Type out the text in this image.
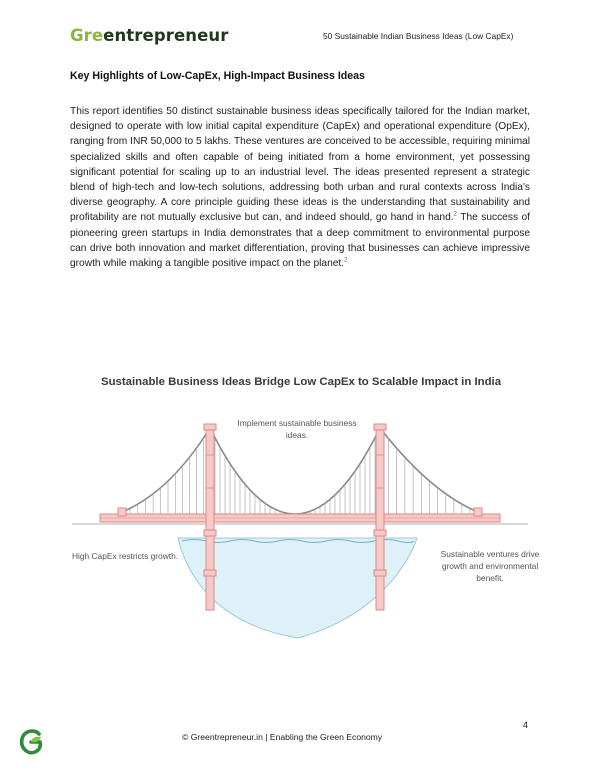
Greentrepreneur	50 Sustainable Indian Business Ideas (Low CapEx)
Key Highlights of Low-CapEx, High-Impact Business Ideas
This report identifies 50 distinct sustainable business ideas specifically tailored for the Indian market, designed to operate with low initial capital expenditure (CapEx) and operational expenditure (OpEx), ranging from INR 50,000 to 5 lakhs. These ventures are conceived to be accessible, requiring minimal specialized skills and often capable of being initiated from a home environment, yet possessing significant potential for scaling up to an industrial level. The ideas presented represent a strategic blend of high-tech and low-tech solutions, addressing both urban and rural contexts across India's diverse geography. A core principle guiding these ideas is the understanding that sustainability and profitability are not mutually exclusive but can, and indeed should, go hand in hand.$^2$ The success of pioneering green startups in India demonstrates that a deep commitment to environmental purpose can drive both innovation and market differentiation, proving that businesses can achieve impressive growth while making a tangible positive impact on the planet.$^2$
Sustainable Business Ideas Bridge Low CapEx to Scalable Impact in India
Implement sustainable business ideas.
High CapEx restricts growth.	Sustainable ventures drive growth and environmental benefit.
4
© Greentrepreneur.in | Enabling the Green Economy
